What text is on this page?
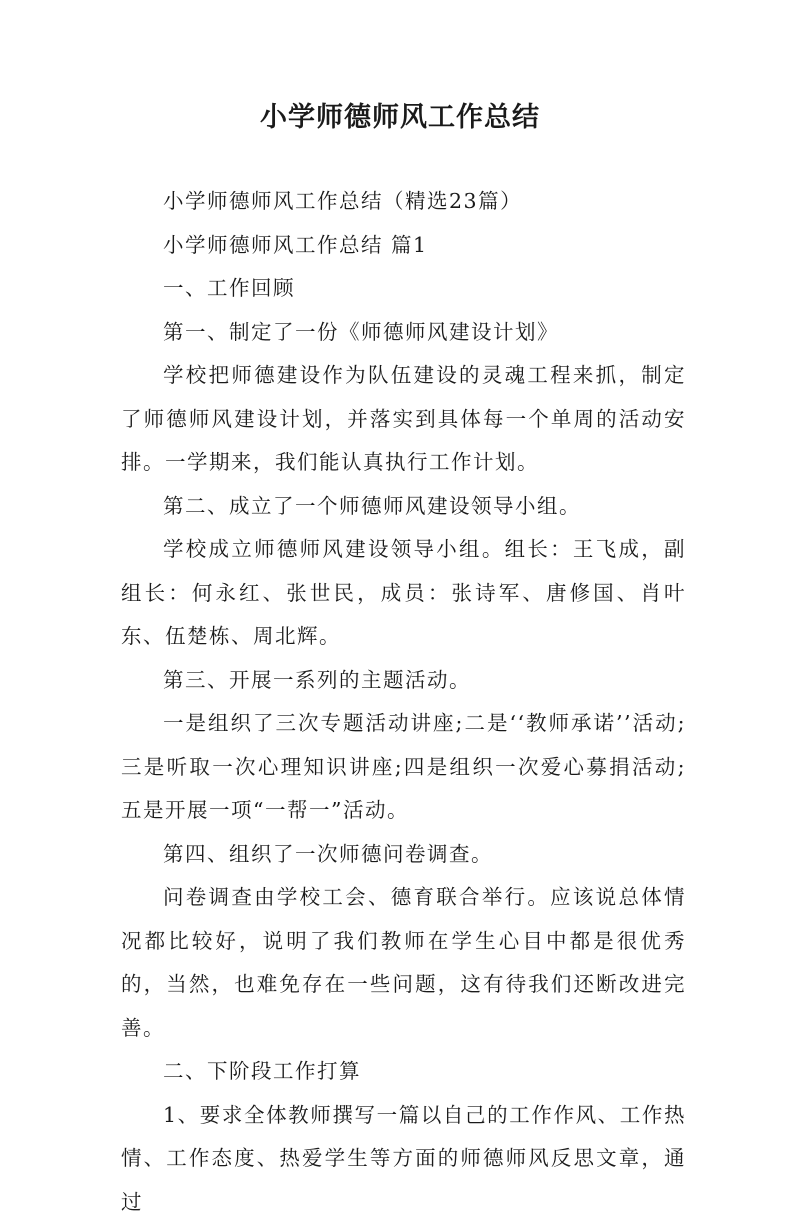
小学师德师风工作总结

小学师德师风工作总结（精选23篇）

小学师德师风工作总结 篇1

一、工作回顾

第一、制定了一份《师德师风建设计划》

学校把师德建设作为队伍建设的灵魂工程来抓，制定了师德师风建设计划，并落实到具体每一个单周的活动安排。一学期来，我们能认真执行工作计划。

第二、成立了一个师德师风建设领导小组。

学校成立师德师风建设领导小组。组长：王飞成，副组长：何永红、张世民，成员：张诗军、唐修国、肖叶东、伍楚栋、周北辉。

第三、开展一系列的主题活动。

一是组织了三次专题活动讲座;二是‘‘教师承诺’’活动;三是听取一次心理知识讲座;四是组织一次爱心募捐活动;五是开展一项“一帮一”活动。

第四、组织了一次师德问卷调查。

问卷调查由学校工会、德育联合举行。应该说总体情况都比较好，说明了我们教师在学生心目中都是很优秀的，当然，也难免存在一些问题，这有待我们还断改进完善。

二、下阶段工作打算

1、要求全体教师撰写一篇以自己的工作作风、工作热情、工作态度、热爱学生等方面的师德师风反思文章，通过
